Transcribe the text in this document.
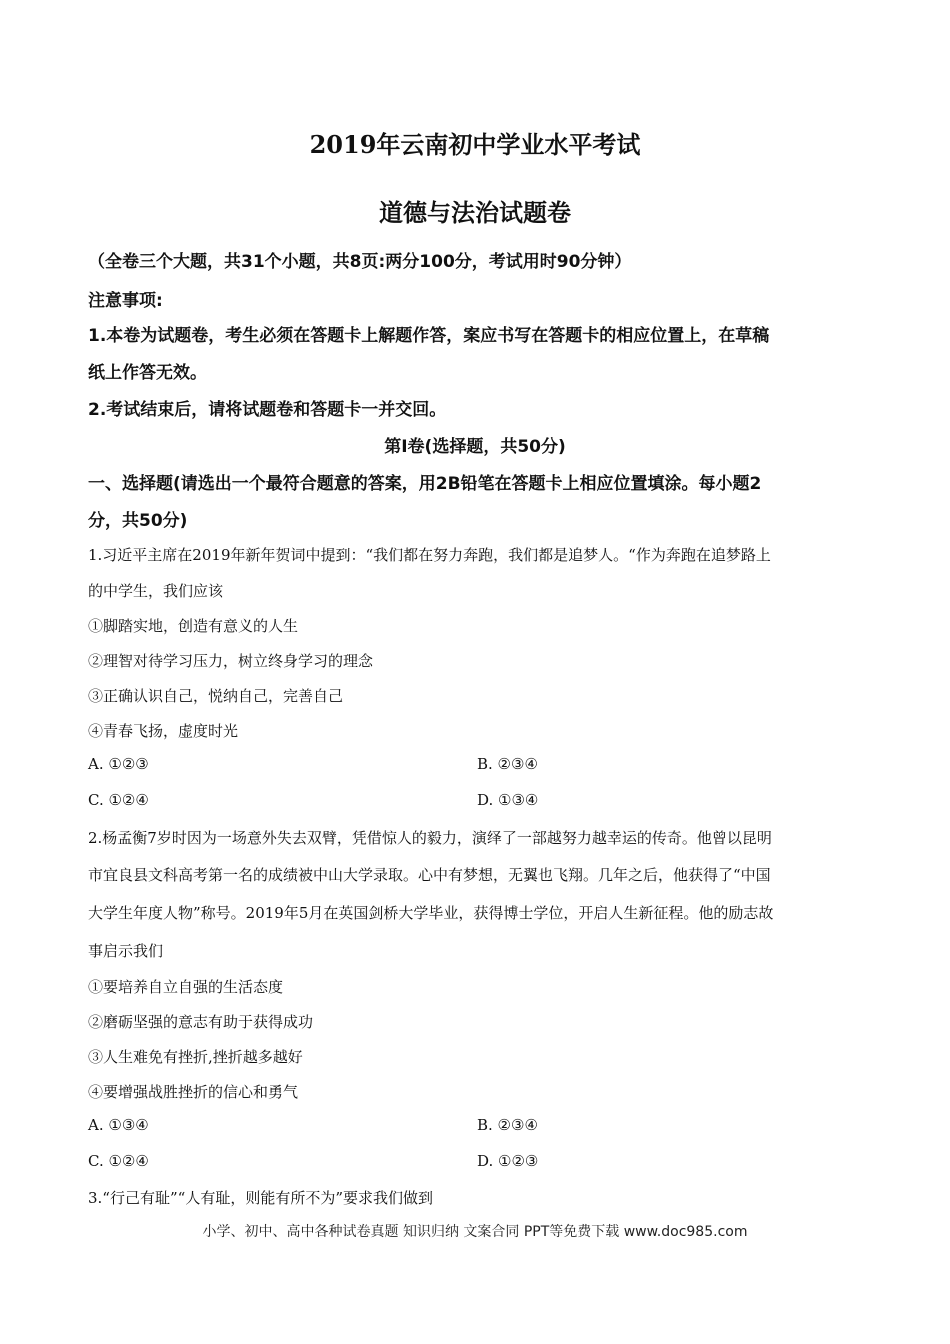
2019年云南初中学业水平考试
道德与法治试题卷
（全卷三个大题，共31个小题，共8页:两分100分，考试用时90分钟）
注意事项:
1.本卷为试题卷，考生必须在答题卡上解题作答，案应书写在答题卡的相应位置上，在草稿
纸上作答无效。
2.考试结束后，请将试题卷和答题卡一并交回。
第Ⅰ卷(选择题，共50分)
一、选择题(请选出一个最符合题意的答案，用2B铅笔在答题卡上相应位置填涂。每小题2
分，共50分)
1.习近平主席在2019年新年贺词中提到：“我们都在努力奔跑，我们都是追梦人。“作为奔跑在追梦路上
的中学生，我们应该
①脚踏实地，创造有意义的人生
②理智对待学习压力，树立终身学习的理念
③正确认识自己，悦纳自己，完善自己
④青春飞扬，虚度时光
A. ①②③	B. ②③④
C. ①②④	D. ①③④
2.杨孟衡7岁时因为一场意外失去双臂，凭借惊人的毅力，演绎了一部越努力越幸运的传奇。他曾以昆明
市宜良县文科高考第一名的成绩被中山大学录取。心中有梦想，无翼也飞翔。几年之后，他获得了“中国
大学生年度人物”称号。2019年5月在英国剑桥大学毕业，获得博士学位，开启人生新征程。他的励志故
事启示我们
①要培养自立自强的生活态度
②磨砺坚强的意志有助于获得成功
③人生难免有挫折,挫折越多越好
④要增强战胜挫折的信心和勇气
A. ①③④	B. ②③④
C. ①②④	D. ①②③
3.“行己有耻”“人有耻，则能有所不为”要求我们做到
小学、初中、高中各种试卷真题 知识归纳 文案合同 PPT等免费下载 www.doc985.com
